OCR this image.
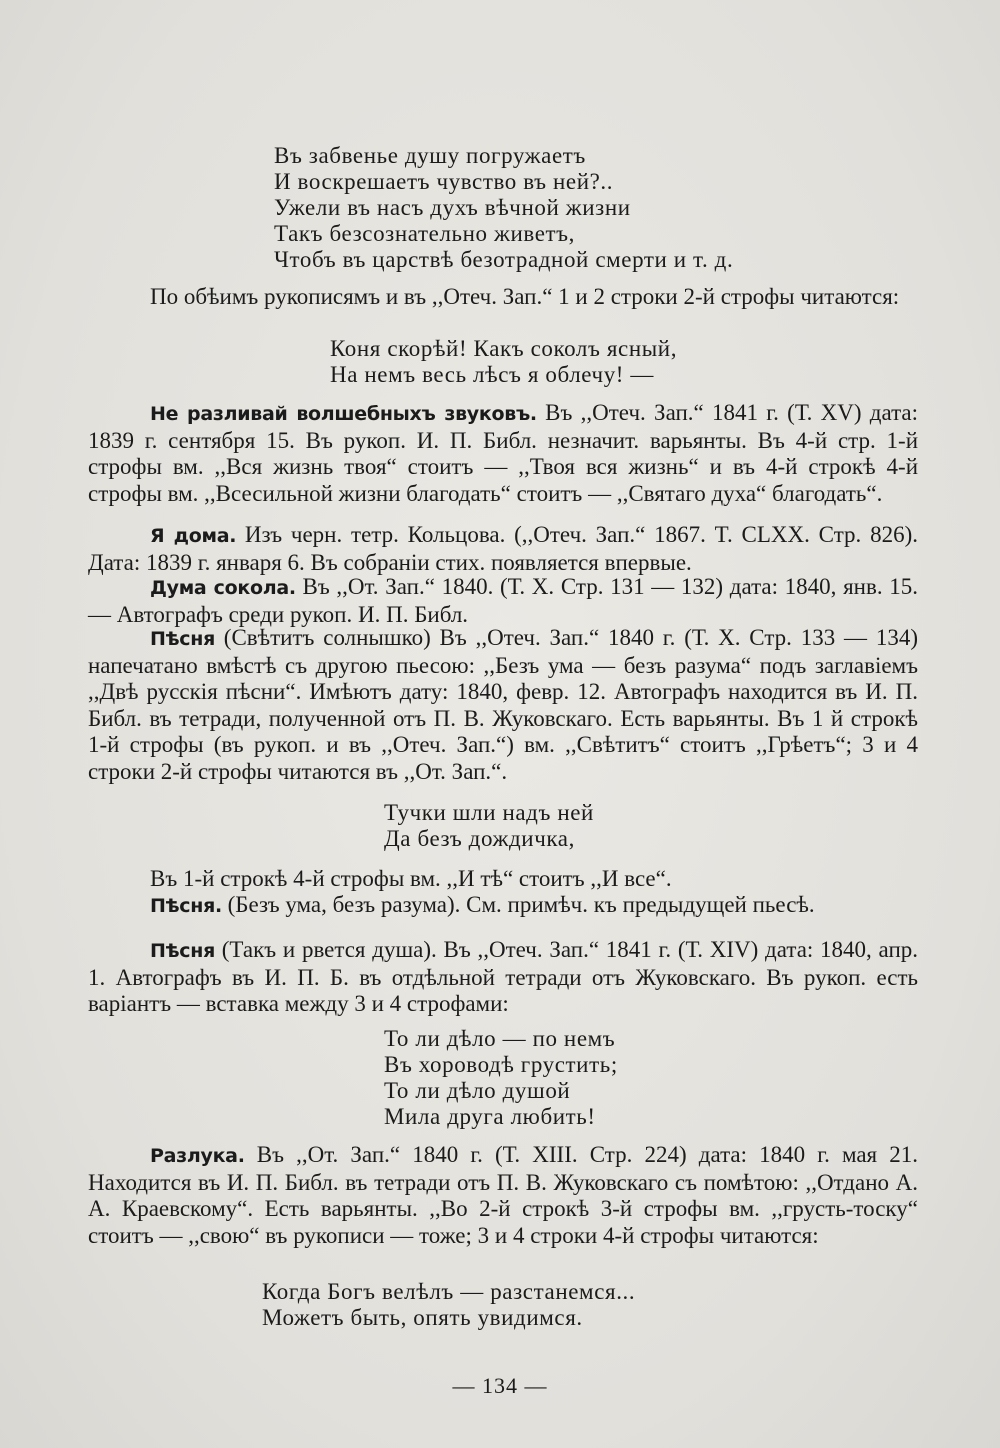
Въ забвенье душу погружаетъ
И воскрешаетъ чувство въ ней?..
Ужели въ насъ духъ вѣчной жизни
Такъ безсознательно живетъ,
Чтобъ въ царствѣ безотрадной смерти и т. д.
По обѣимъ рукописямъ и въ ,,Отеч. Зап.“ 1 и 2 строки 2-й строфы читаются:
Коня скорѣй! Какъ соколъ ясный,
На немъ весь лѣсъ я облечу! —
Не разливай волшебныхъ звуковъ. Въ ,,Отеч. Зап.“ 1841 г. (Т. XV) дата: 1839 г. сентября 15. Въ рукоп. И. П. Библ. незначит. варьянты. Въ 4-й стр. 1-й строфы вм. ,,Вся жизнь твоя“ стоитъ — ,,Твоя вся жизнь“ и въ 4-й строкѣ 4-й строфы вм. ,,Всесильной жизни благодать“ стоитъ — ,,Святаго духа“ благодать“.
Я дома. Изъ черн. тетр. Кольцова. (,,Отеч. Зап.“ 1867. T. CLXX. Стр. 826). Дата: 1839 г. января 6. Въ собранiи стих. появляется впервые.
Дума сокола. Въ ,,От. Зап.“ 1840. (Т. X. Стр. 131 — 132) дата: 1840, янв. 15. — Автографъ среди рукоп. И. П. Библ.
Пѣсня (Свѣтитъ солнышко) Въ ,,Отеч. Зап.“ 1840 г. (Т. X. Стр. 133 — 134) напечатано вмѣстѣ съ другою пьесою: ,,Безъ ума — безъ разума“ подъ заглавіемъ ,,Двѣ русскія пѣсни“. Имѣютъ дату: 1840, февр. 12. Автографъ находится въ И. П. Библ. въ тетради, полученной отъ П. В. Жуковскаго. Есть варьянты. Въ 1 й строкѣ 1-й строфы (въ рукоп. и въ ,,Отеч. Зап.“) вм. ,,Свѣтитъ“ стоитъ ,,Грѣетъ“; 3 и 4 строки 2-й строфы читаются въ ,,От. Зап.“.
Тучки шли надъ ней
Да безъ дождичка,
Въ 1-й строкѣ 4-й строфы вм. ,,И тѣ“ стоитъ ,,И все“.
Пѣсня. (Безъ ума, безъ разума). См. примѣч. къ предыдущей пьесѣ.
Пѣсня (Такъ и рвется душа). Въ ,,Отеч. Зап.“ 1841 г. (Т. XIV) дата: 1840, апр. 1. Автографъ въ И. П. Б. въ отдѣльной тетради отъ Жуковскаго. Въ рукоп. есть варіантъ — вставка между 3 и 4 строфами:
То ли дѣло — по немъ
Въ хороводѣ грустить;
То ли дѣло душой
Мила друга любить!
Разлука. Въ ,,От. Зап.“ 1840 г. (Т. XIII. Стр. 224) дата: 1840 г. мая 21. Находится въ И. П. Библ. въ тетради отъ П. В. Жуковскаго съ помѣтою: ,,Отдано А. А. Краевскому“. Есть варьянты. ,,Во 2-й строкѣ 3-й строфы вм. ,,грусть-тоску“ стоитъ — ,,свою“ въ рукописи — тоже; 3 и 4 строки 4-й строфы читаются:
Когда Богъ велѣлъ — разстанемся...
Можетъ быть, опять увидимся.
— 134 —
